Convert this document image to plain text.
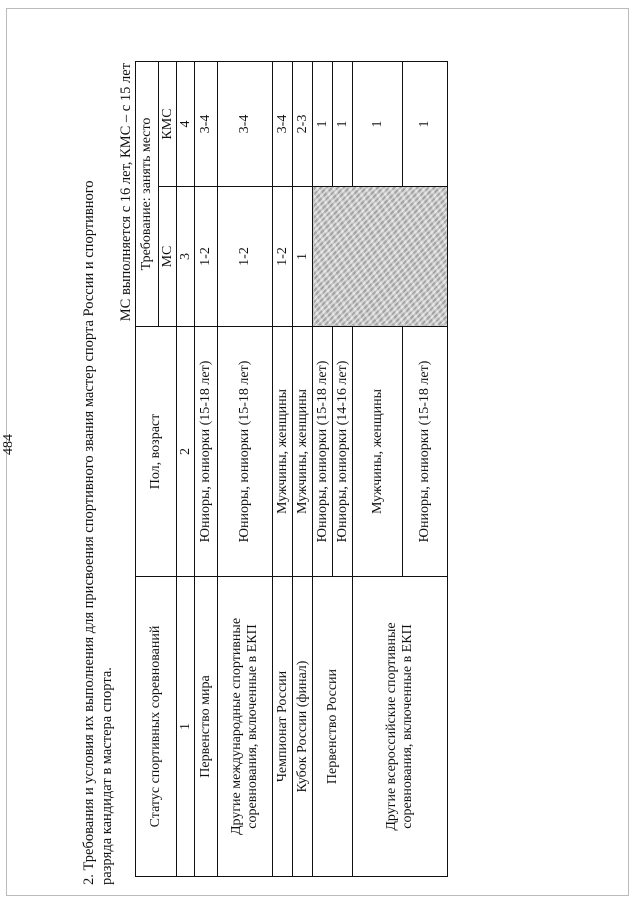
484	2. Требования и условия их выполнения для присвоения спортивного звания мастер спорта России и спортивного разряда кандидат в мастера спорта.

МС выполняется с 16 лет, КМС – с 15 лет
Статус спортивных соревнований	Пол, возраст	Требование: занять место	
		МС	КМС
1	2	3	4
Первенство мира	Юниоры, юниорки (15-18 лет)	1-2	3-4
Другие международные спортивные соревнования, включенные в ЕКП	Юниоры, юниорки (15-18 лет)	1-2	3-4
Чемпионат России	Мужчины, женщины	1-2	3-4
Кубок России (финал)	Мужчины, женщины	1	2-3
Первенство России	Юниоры, юниорки (15-18 лет)		1
	Юниоры, юниорки (14-16 лет)		1
Другие всероссийские спортивные соревнования, включенные в ЕКП	Мужчины, женщины		1
	Юниоры, юниорки (15-18 лет)		1
